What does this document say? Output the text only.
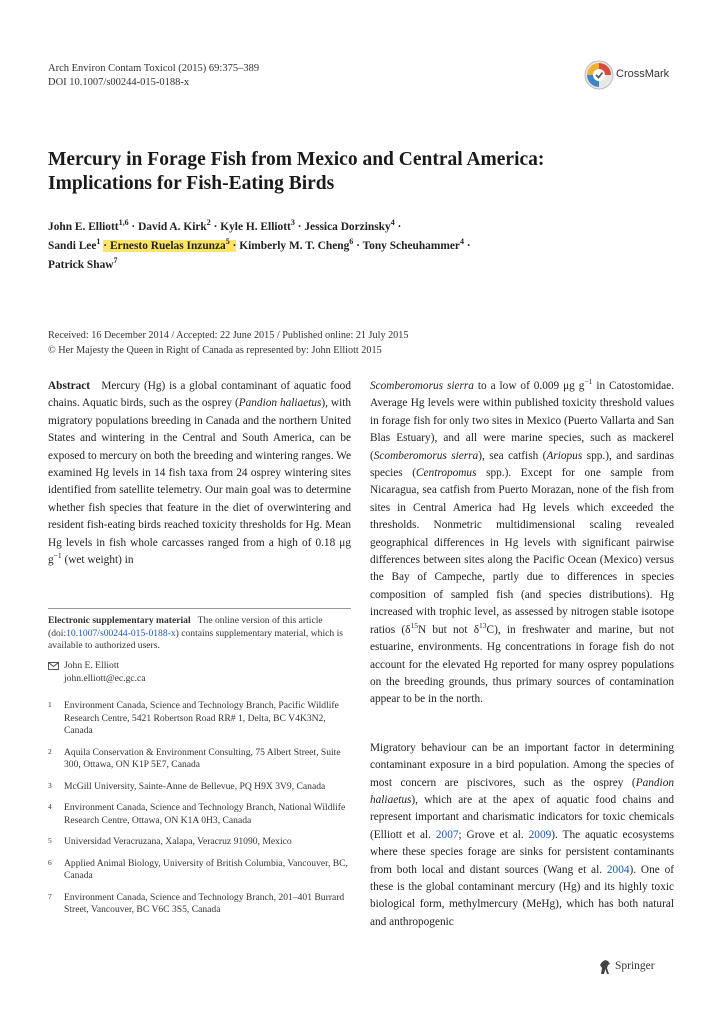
Arch Environ Contam Toxicol (2015) 69:375–389
DOI 10.1007/s00244-015-0188-x
CrossMark
Mercury in Forage Fish from Mexico and Central America:
Implications for Fish-Eating Birds
John E. Elliott$^{1,6}$ · David A. Kirk$^2$ · Kyle H. Elliott$^3$ · Jessica Dorzinsky$^4$ ·
Sandi Lee$^1$ · Ernesto Ruelas Inzunza$^5$ · Kimberly M. T. Cheng$^6$ · Tony Scheuhammer$^4$ ·
Patrick Shaw$^7$
Received: 16 December 2014 / Accepted: 22 June 2015 / Published online: 21 July 2015
© Her Majesty the Queen in Right of Canada as represented by: John Elliott 2015

Abstract Mercury (Hg) is a global contaminant of aquatic food chains. Aquatic birds, such as the osprey (Pandion haliaetus), with migratory populations breeding in Canada and the northern United States and wintering in the Central and South America, can be exposed to mercury on both the breeding and wintering ranges. We examined Hg levels in 14 fish taxa from 24 osprey wintering sites identified from satellite telemetry. Our main goal was to determine whether fish species that feature in the diet of overwintering and resident fish-eating birds reached toxicity thresholds for Hg. Mean Hg levels in fish whole carcasses ranged from a high of 0.18 μg $g^{-1}$ (wet weight) in

Scomberomorus sierra to a low of 0.009 μg $g^{-1}$ in Catostomidae. Average Hg levels were within published toxicity threshold values in forage fish for only two sites in Mexico (Puerto Vallarta and San Blas Estuary), and all were marine species, such as mackerel (Scomberomorus sierra), sea catfish (Ariopus spp.), and sardinas species (Centropomus spp.). Except for one sample from Nicaragua, sea catfish from Puerto Morazan, none of the fish from sites in Central America had Hg levels which exceeded the thresholds. Nonmetric multidimensional scaling revealed geographical differences in Hg levels with significant pairwise differences between sites along the Pacific Ocean (Mexico) versus the Bay of Campeche, partly due to differences in species composition of sampled fish (and species distributions). Hg increased with trophic level, as assessed by nitrogen stable isotope ratios ($\delta^{15}N$ but not $\delta^{13}C$), in freshwater and marine, but not estuarine, environments. Hg concentrations in forage fish do not account for the elevated Hg reported for many osprey populations on the breeding grounds, thus primary sources of contamination appear to be in the north.

Migratory behaviour can be an important factor in determining contaminant exposure in a bird population. Among the species of most concern are piscivores, such as the osprey (Pandion haliaetus), which are at the apex of aquatic food chains and represent important and charismatic indicators for toxic chemicals (Elliott et al. 2007; Grove et al. 2009). The aquatic ecosystems where these species forage are sinks for persistent contaminants from both local and distant sources (Wang et al. 2004). One of these is the global contaminant mercury (Hg) and its highly toxic biological form, methylmercury (MeHg), which has both natural and anthropogenic

Electronic supplementary material The online version of this article (doi:10.1007/s00244-015-0188-x) contains supplementary material, which is available to authorized users.
John E. Elliott
john.elliott@ec.gc.ca
1	Environment Canada, Science and Technology Branch, Pacific Wildlife Research Centre, 5421 Robertson Road RR# 1, Delta, BC V4K3N2, Canada
2	Aquila Conservation & Environment Consulting, 75 Albert Street, Suite 300, Ottawa, ON K1P 5E7, Canada
3	McGill University, Sainte-Anne de Bellevue, PQ H9X 3V9, Canada
4	Environment Canada, Science and Technology Branch, National Wildlife Research Centre, Ottawa, ON K1A 0H3, Canada
5	Universidad Veracruzana, Xalapa, Veracruz 91090, Mexico
6	Applied Animal Biology, University of British Columbia, Vancouver, BC, Canada
7	Environment Canada, Science and Technology Branch, 201–401 Burrard Street, Vancouver, BC V6C 3S5, Canada
Springer
